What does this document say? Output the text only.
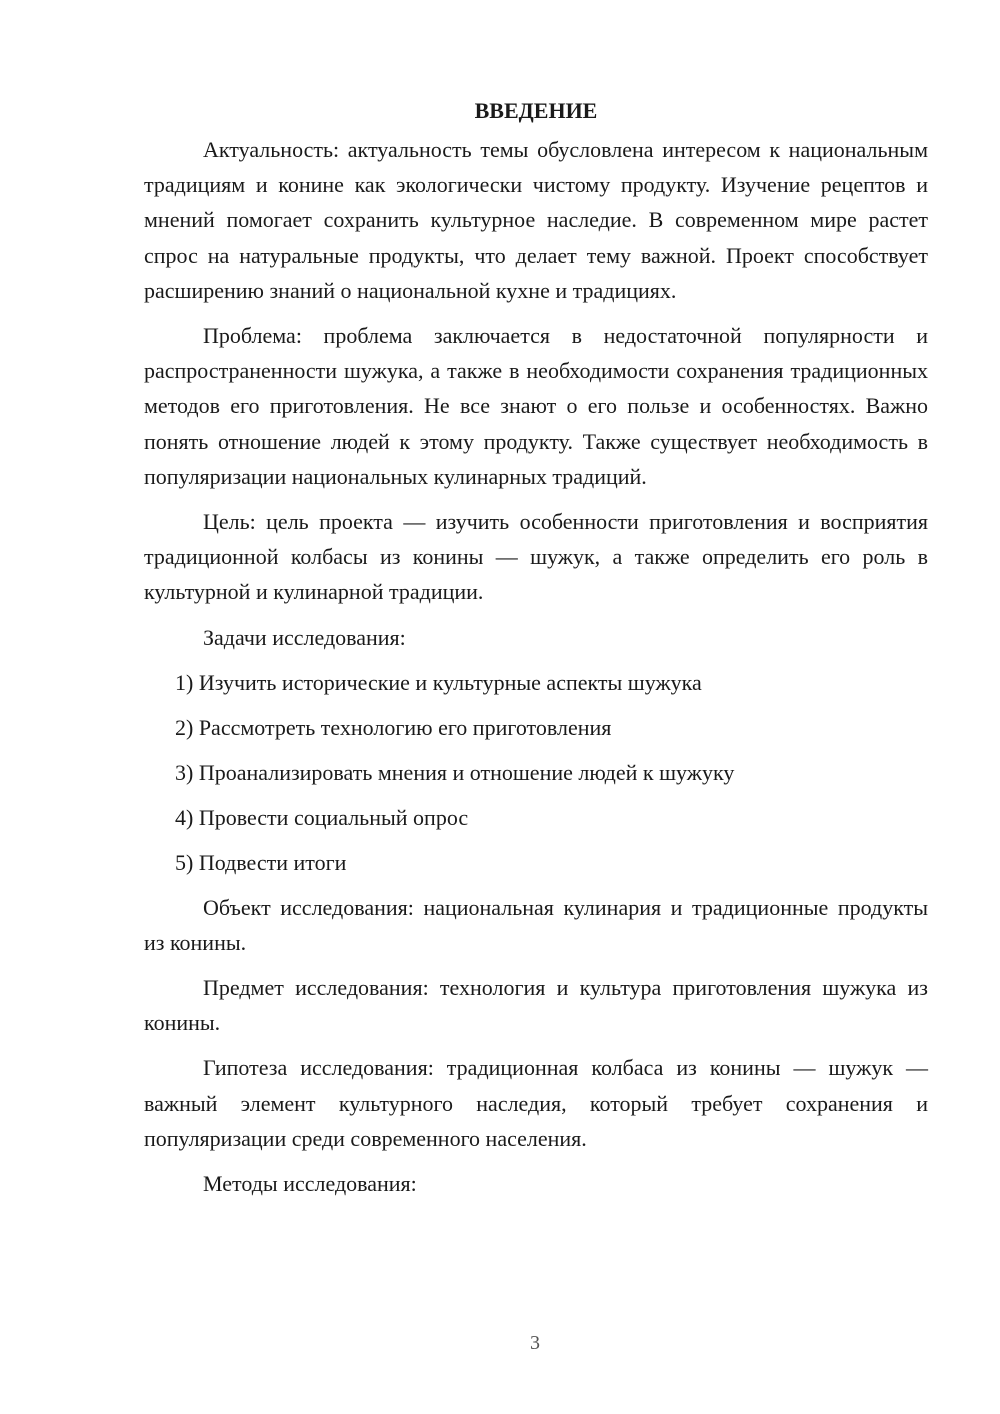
ВВЕДЕНИЕ

Актуальность: актуальность темы обусловлена интересом к национальным традициям и конине как экологически чистому продукту. Изучение рецептов и мнений помогает сохранить культурное наследие. В современном мире растет спрос на натуральные продукты, что делает тему важной. Проект способствует расширению знаний о национальной кухне и традициях.

Проблема: проблема заключается в недостаточной популярности и распространенности шужука, а также в необходимости сохранения традиционных методов его приготовления. Не все знают о его пользе и особенностях. Важно понять отношение людей к этому продукту. Также существует необходимость в популяризации национальных кулинарных традиций.

Цель: цель проекта — изучить особенности приготовления и восприятия традиционной колбасы из конины — шужук, а также определить его роль в культурной и кулинарной традиции.

Задачи исследования:
1) Изучить исторические и культурные аспекты шужука
2) Рассмотреть технологию его приготовления
3) Проанализировать мнения и отношение людей к шужуку
4) Провести социальный опрос
5) Подвести итоги

Объект исследования: национальная кулинария и традиционные продукты из конины.

Предмет исследования: технология и культура приготовления шужука из конины.

Гипотеза исследования: традиционная колбаса из конины — шужук — важный элемент культурного наследия, который требует сохранения и популяризации среди современного населения.

Методы исследования:
3
